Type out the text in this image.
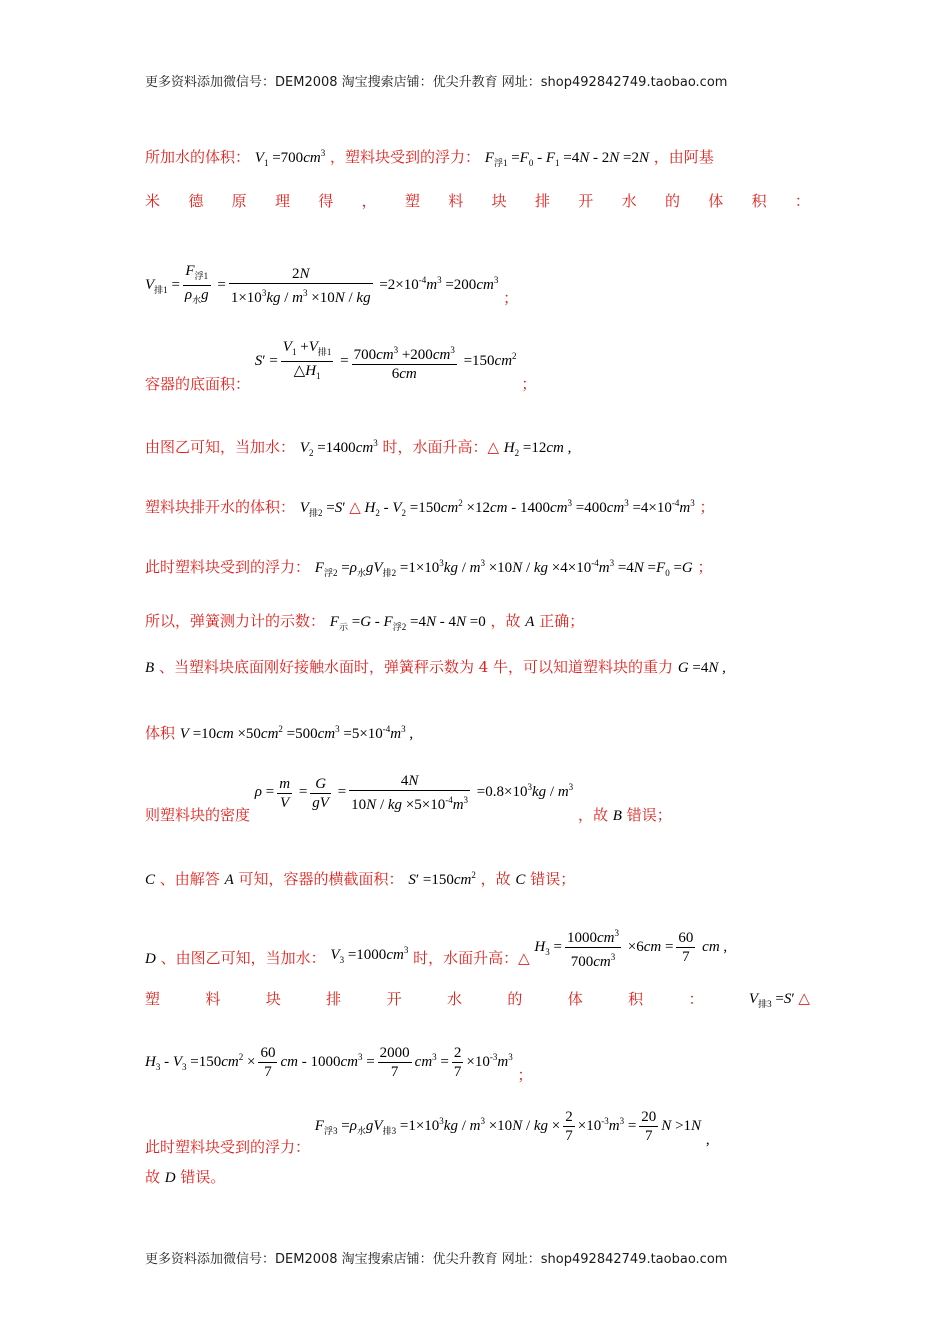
更多资料添加微信号：DEM2008 淘宝搜索店铺：优尖升教育 网址：shop492842749.taobao.com
所加水的体积： $V_1 =700cm^3$ ，塑料块受到的浮力： $F_{浮1} =F_0 - F_1 =4N - 2N =2N$ ，由阿基
米 德 原 理 得 ， 塑 料 块 排 开 水 的 体 积 ：
$V_{排1} = \frac{F_{浮1}}{\rho_水g} = \frac{2N}{1\times 10^3kg / m^3 \times 10N / kg} =2\times 10^{-4}m^3 =200cm^3$ ；
容器的底面积： $S' = \frac{V_1 +V_{排1}}{\triangle H_1} = \frac{700cm^3 +200cm^3}{6cm} =150cm^2$ ；
由图乙可知，当加水： $V_2 =1400cm^3$ 时，水面升高：△ $H_2 =12cm$ ,
塑料块排开水的体积： $V_{排2} =S'$ △ $H_2 - V_2 =150cm^2 \times 12cm - 1400cm^3 =400cm^3 =4\times 10^{-4}m^3$ ；
此时塑料块受到的浮力： $F_{浮2} =\rho_水gV_{排2} =1\times 10^3kg / m^3 \times 10N$ / kg $\times 4\times 10^{-4}m^3 =4N =F_0 =G$ ；
所以，弹簧测力计的示数： $F_示 =G - F_{浮2} =4N - 4N =0$ ，故 A 正确；
B 、当塑料块底面刚好接触水面时，弹簧秤示数为 4 牛，可以知道塑料块的重力 G =4N ,
体积 $V =10cm \times 50cm^2 =500cm^3 =5\times 10^{-4}m^3$ ,
则塑料块的密度 $\rho = \frac{m}{V} = \frac{G}{gV} = \frac{4N}{10N / kg \times 5\times 10^{-4}m^3} =0.8\times 10^3kg / m^3$ ，故 B 错误；
C 、由解答 A 可知，容器的横截面积： $S' =150cm^2$ ，故 C 错误；
D 、由图乙可知，当加水： $V_3 =1000cm^3$ 时，水面升高：△ $H_3 = \frac{1000cm^3}{700cm^3} \times 6cm = \frac{60}{7}$ cm ,
塑	料	块	排	开	水	的	体	积	：	$V_{排3} =S'$ △
$H_3 - V_3 =150cm^2 \times \frac{60}{7}$ cm - $1000cm^3 = \frac{2000}{7} cm^3 = \frac{2}{7} \times 10^{-3}m^3$ ；
此时塑料块受到的浮力： $F_{浮3} =\rho_水gV_{排3} =1\times 10^3kg / m^3 \times 10N$ / kg × $\frac{2}{7} \times 10^{-3}m^3 = \frac{20}{7}$ N >1N ,
故 D 错误。
更多资料添加微信号：DEM2008 淘宝搜索店铺：优尖升教育 网址：shop492842749.taobao.com
